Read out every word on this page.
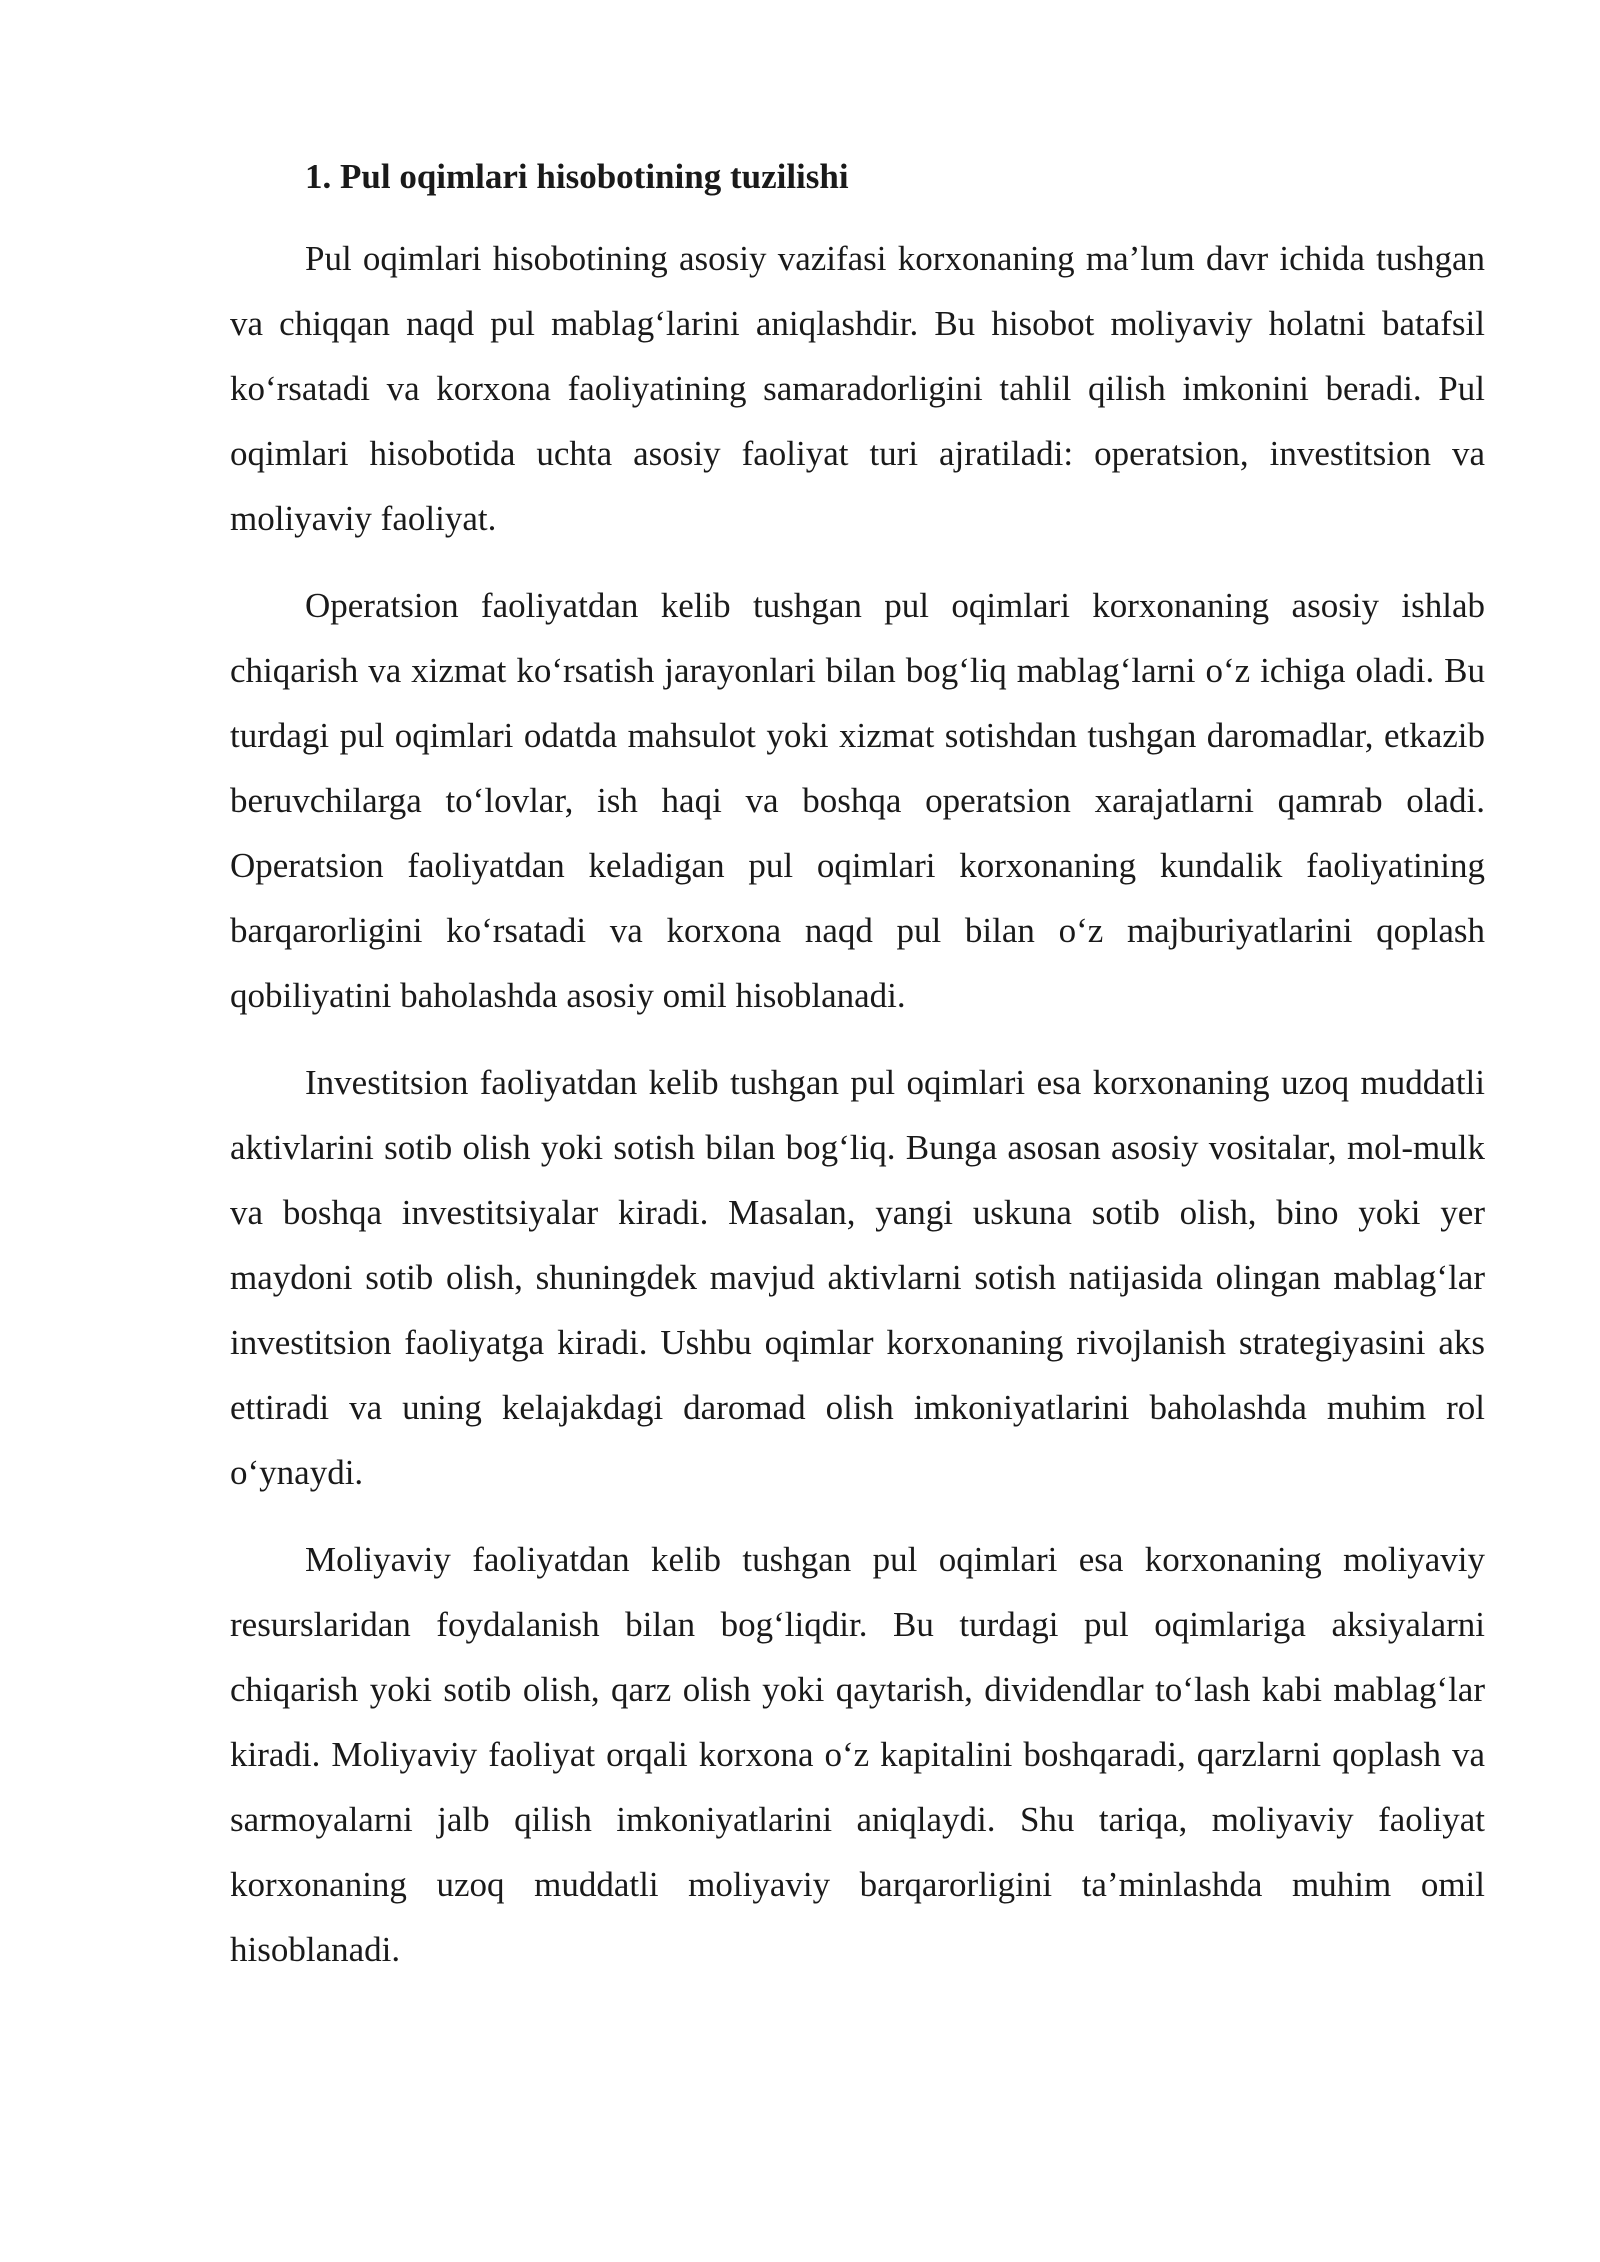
1. Pul oqimlari hisobotining tuzilishi

Pul oqimlari hisobotining asosiy vazifasi korxonaning ma’lum davr ichida tushgan va chiqqan naqd pul mablag‘larini aniqlashdir. Bu hisobot moliyaviy holatni batafsil ko‘rsatadi va korxona faoliyatining samaradorligini tahlil qilish imkonini beradi. Pul oqimlari hisobotida uchta asosiy faoliyat turi ajratiladi: operatsion, investitsion va moliyaviy faoliyat.

Operatsion faoliyatdan kelib tushgan pul oqimlari korxonaning asosiy ishlab chiqarish va xizmat ko‘rsatish jarayonlari bilan bog‘liq mablag‘larni o‘z ichiga oladi. Bu turdagi pul oqimlari odatda mahsulot yoki xizmat sotishdan tushgan daromadlar, etkazib beruvchilarga to‘lovlar, ish haqi va boshqa operatsion xarajatlarni qamrab oladi. Operatsion faoliyatdan keladigan pul oqimlari korxonaning kundalik faoliyatining barqarorligini ko‘rsatadi va korxona naqd pul bilan o‘z majburiyatlarini qoplash qobiliyatini baholashda asosiy omil hisoblanadi.

Investitsion faoliyatdan kelib tushgan pul oqimlari esa korxonaning uzoq muddatli aktivlarini sotib olish yoki sotish bilan bog‘liq. Bunga asosan asosiy vositalar, mol-mulk va boshqa investitsiyalar kiradi. Masalan, yangi uskuna sotib olish, bino yoki yer maydoni sotib olish, shuningdek mavjud aktivlarni sotish natijasida olingan mablag‘lar investitsion faoliyatga kiradi. Ushbu oqimlar korxonaning rivojlanish strategiyasini aks ettiradi va uning kelajakdagi daromad olish imkoniyatlarini baholashda muhim rol o‘ynaydi.

Moliyaviy faoliyatdan kelib tushgan pul oqimlari esa korxonaning moliyaviy resurslaridan foydalanish bilan bog‘liqdir. Bu turdagi pul oqimlariga aksiyalarni chiqarish yoki sotib olish, qarz olish yoki qaytarish, dividendlar to‘lash kabi mablag‘lar kiradi. Moliyaviy faoliyat orqali korxona o‘z kapitalini boshqaradi, qarzlarni qoplash va sarmoyalarni jalb qilish imkoniyatlarini aniqlaydi. Shu tariqa, moliyaviy faoliyat korxonaning uzoq muddatli moliyaviy barqarorligini ta’minlashda muhim omil hisoblanadi.
